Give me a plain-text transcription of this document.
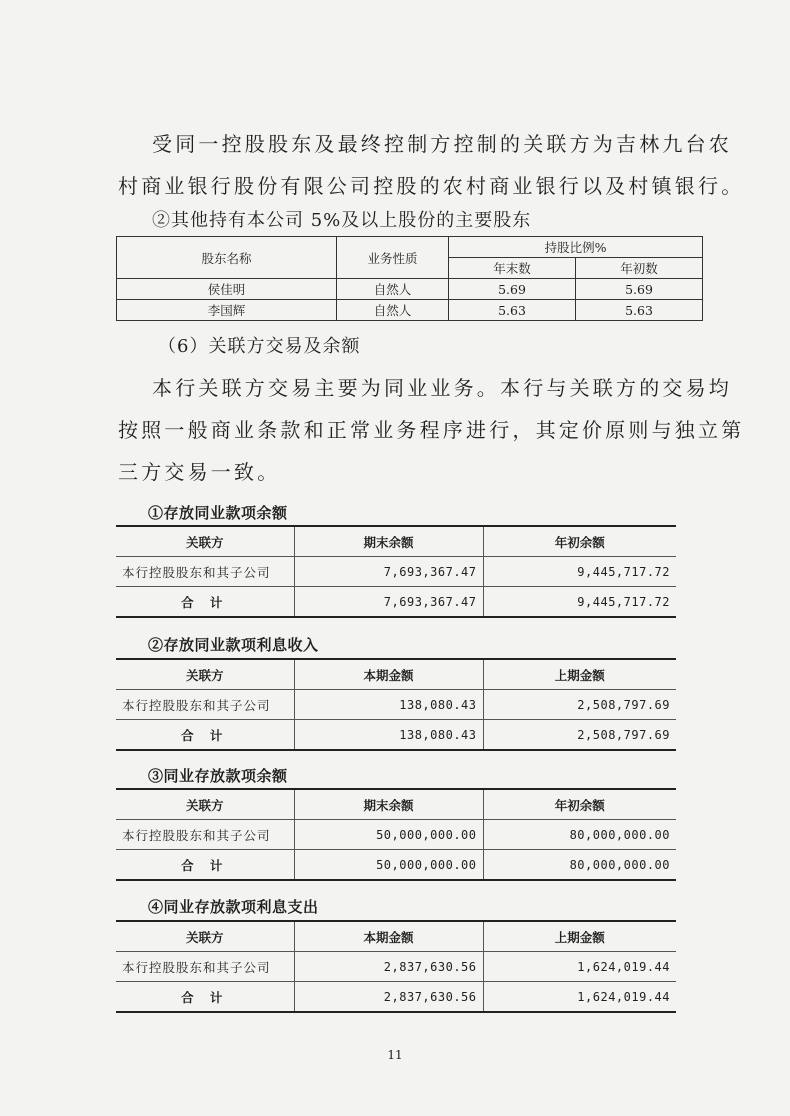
受同一控股股东及最终控制方控制的关联方为吉林九台农
村商业银行股份有限公司控股的农村商业银行以及村镇银行。
②其他持有本公司 5%及以上股份的主要股东
股东名称	业务性质	持股比例%	
		年末数	年初数
侯佳明	自然人	5.69	5.69
李国辉	自然人	5.63	5.63
（6）关联方交易及余额
本行关联方交易主要为同业业务。本行与关联方的交易均
按照一般商业条款和正常业务程序进行，其定价原则与独立第
三方交易一致。
①存放同业款项余额
关联方	期末余额	年初余额
本行控股股东和其子公司	7,693,367.47	9,445,717.72
合 计	7,693,367.47	9,445,717.72
②存放同业款项利息收入
关联方	本期金额	上期金额
本行控股股东和其子公司	138,080.43	2,508,797.69
合 计	138,080.43	2,508,797.69
③同业存放款项余额
关联方	期末余额	年初余额
本行控股股东和其子公司	50,000,000.00	80,000,000.00
合 计	50,000,000.00	80,000,000.00
④同业存放款项利息支出
关联方	本期金额	上期金额
本行控股股东和其子公司	2,837,630.56	1,624,019.44
合 计	2,837,630.56	1,624,019.44
11
